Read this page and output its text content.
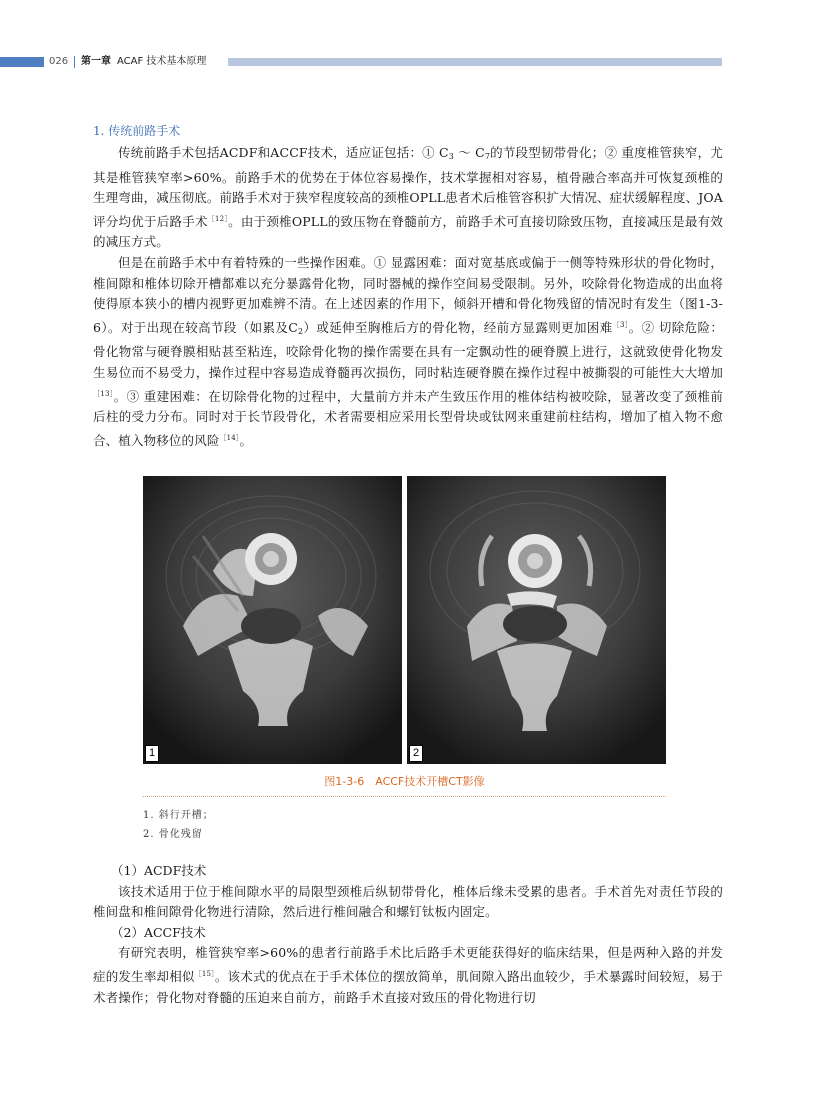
026 第一章 ACAF 技术基本原理
1. 传统前路手术

传统前路手术包括ACDF和ACCF技术，适应证包括：① $C_3$ ～ $C_7$的节段型韧带骨化；② 重度椎管狭窄，尤其是椎管狭窄率>60%。前路手术的优势在于体位容易操作，技术掌握相对容易，植骨融合率高并可恢复颈椎的生理弯曲，减压彻底。前路手术对于狭窄程度较高的颈椎OPLL患者术后椎管容积扩大情况、症状缓解程度、JOA评分均优于后路手术$^{[12]}$。由于颈椎OPLL的致压物在脊髓前方，前路手术可直接切除致压物，直接减压是最有效的减压方式。

但是在前路手术中有着特殊的一些操作困难。① 显露困难：面对宽基底或偏于一侧等特殊形状的骨化物时，椎间隙和椎体切除开槽都难以充分暴露骨化物，同时器械的操作空间易受限制。另外，咬除骨化物造成的出血将使得原本狭小的槽内视野更加难辨不清。在上述因素的作用下，倾斜开槽和骨化物残留的情况时有发生（图1-3-6）。对于出现在较高节段（如累及$C_2$）或延伸至胸椎后方的骨化物，经前方显露则更加困难$^{[3]}$。② 切除危险：骨化物常与硬脊膜相贴甚至粘连，咬除骨化物的操作需要在具有一定飘动性的硬脊膜上进行，这就致使骨化物发生易位而不易受力，操作过程中容易造成脊髓再次损伤，同时粘连硬脊膜在操作过程中被撕裂的可能性大大增加$^{[13]}$。③ 重建困难：在切除骨化物的过程中，大量前方并未产生致压作用的椎体结构被咬除，显著改变了颈椎前后柱的受力分布。同时对于长节段骨化，术者需要相应采用长型骨块或钛网来重建前柱结构，增加了植入物不愈合、植入物移位的风险$^{[14]}$。

1	2
图1-3-6　ACCF技术开槽CT影像
1. 斜行开槽；
2. 骨化残留
（1）ACDF技术

该技术适用于位于椎间隙水平的局限型颈椎后纵韧带骨化，椎体后缘未受累的患者。手术首先对责任节段的椎间盘和椎间隙骨化物进行清除，然后进行椎间融合和螺钉钛板内固定。

（2）ACCF技术

有研究表明，椎管狭窄率>60%的患者行前路手术比后路手术更能获得好的临床结果，但是两种入路的并发症的发生率却相似$^{[15]}$。该术式的优点在于手术体位的摆放简单，肌间隙入路出血较少，手术暴露时间较短，易于术者操作；骨化物对脊髓的压迫来自前方，前路手术直接对致压的骨化物进行切
